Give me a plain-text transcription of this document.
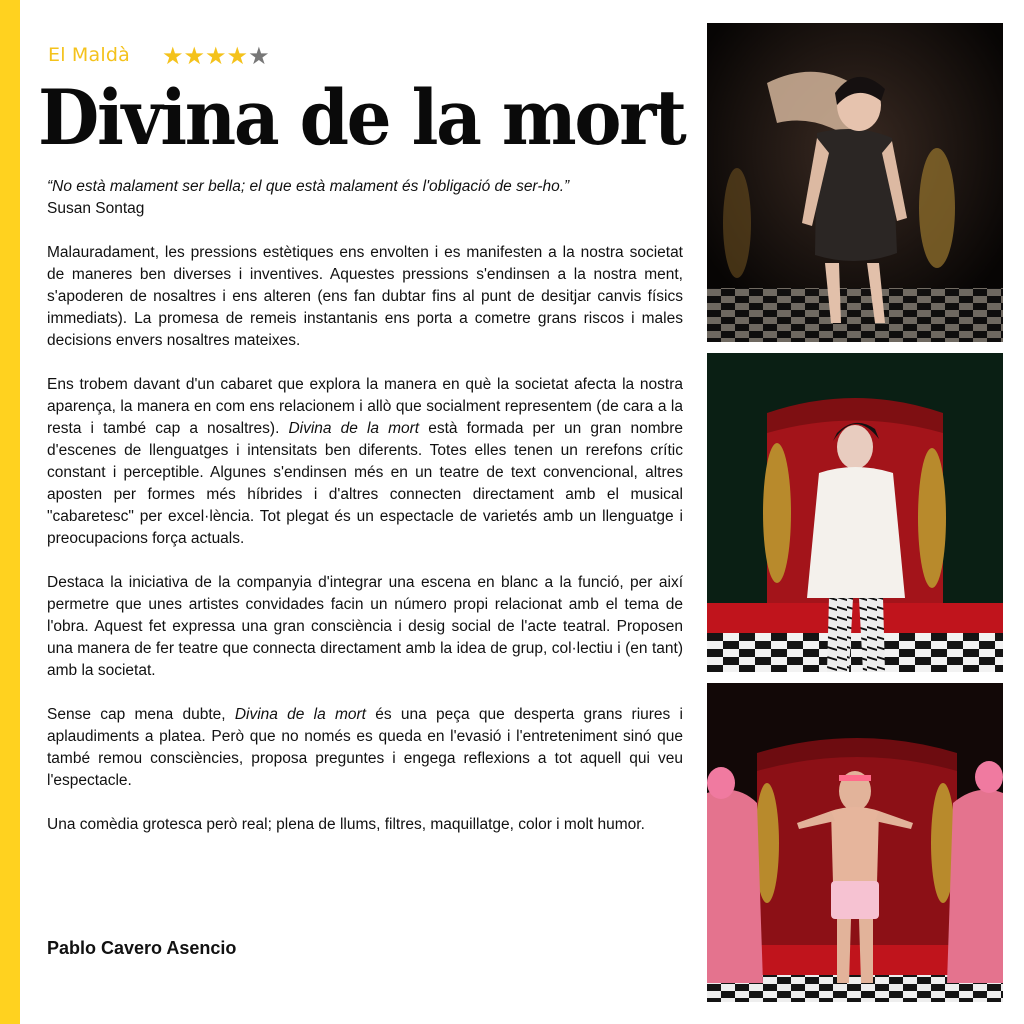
El Maldà ★★★★★
Divina de la mort

“No està malament ser bella; el que està malament és l'obligació de ser-ho.”
Susan Sontag

Malauradament, les pressions estètiques ens envolten i es manifesten a la nostra societat de maneres ben diverses i inventives. Aquestes pressions s'endinsen a la nostra ment, s'apoderen de nosaltres i ens alteren (ens fan dubtar fins al punt de desitjar canvis físics immediats). La promesa de remeis instantanis ens porta a cometre grans riscos i males decisions envers nosaltres mateixes.

Ens trobem davant d'un cabaret que explora la manera en què la societat afecta la nostra aparença, la manera en com ens relacionem i allò que socialment representem (de cara a la resta i també cap a nosaltres). Divina de la mort està formada per un gran nombre d'escenes de llenguatges i intensitats ben diferents. Totes elles tenen un rerefons crític constant i perceptible. Algunes s'endinsen més en un teatre de text convencional, altres aposten per formes més híbrides i d'altres connecten directament amb el musical "cabaretesc" per excel·lència. Tot plegat és un espectacle de varietés amb un llenguatge i preocupacions força actuals.

Destaca la iniciativa de la companyia d'integrar una escena en blanc a la funció, per així permetre que unes artistes convidades facin un número propi relacionat amb el tema de l'obra. Aquest fet expressa una gran consciència i desig social de l'acte teatral. Proposen una manera de fer teatre que connecta directament amb la idea de grup, col·lectiu i (en tant) amb la societat.

Sense cap mena dubte, Divina de la mort és una peça que desperta grans riures i aplaudiments a platea. Però que no només es queda en l'evasió i l'entreteniment sinó que també remou consciències, proposa preguntes i engega reflexions a tot aquell qui veu l'espectacle.

Una comèdia grotesca però real; plena de llums, filtres, maquillatge, color i molt humor.

Pablo Cavero Asencio
